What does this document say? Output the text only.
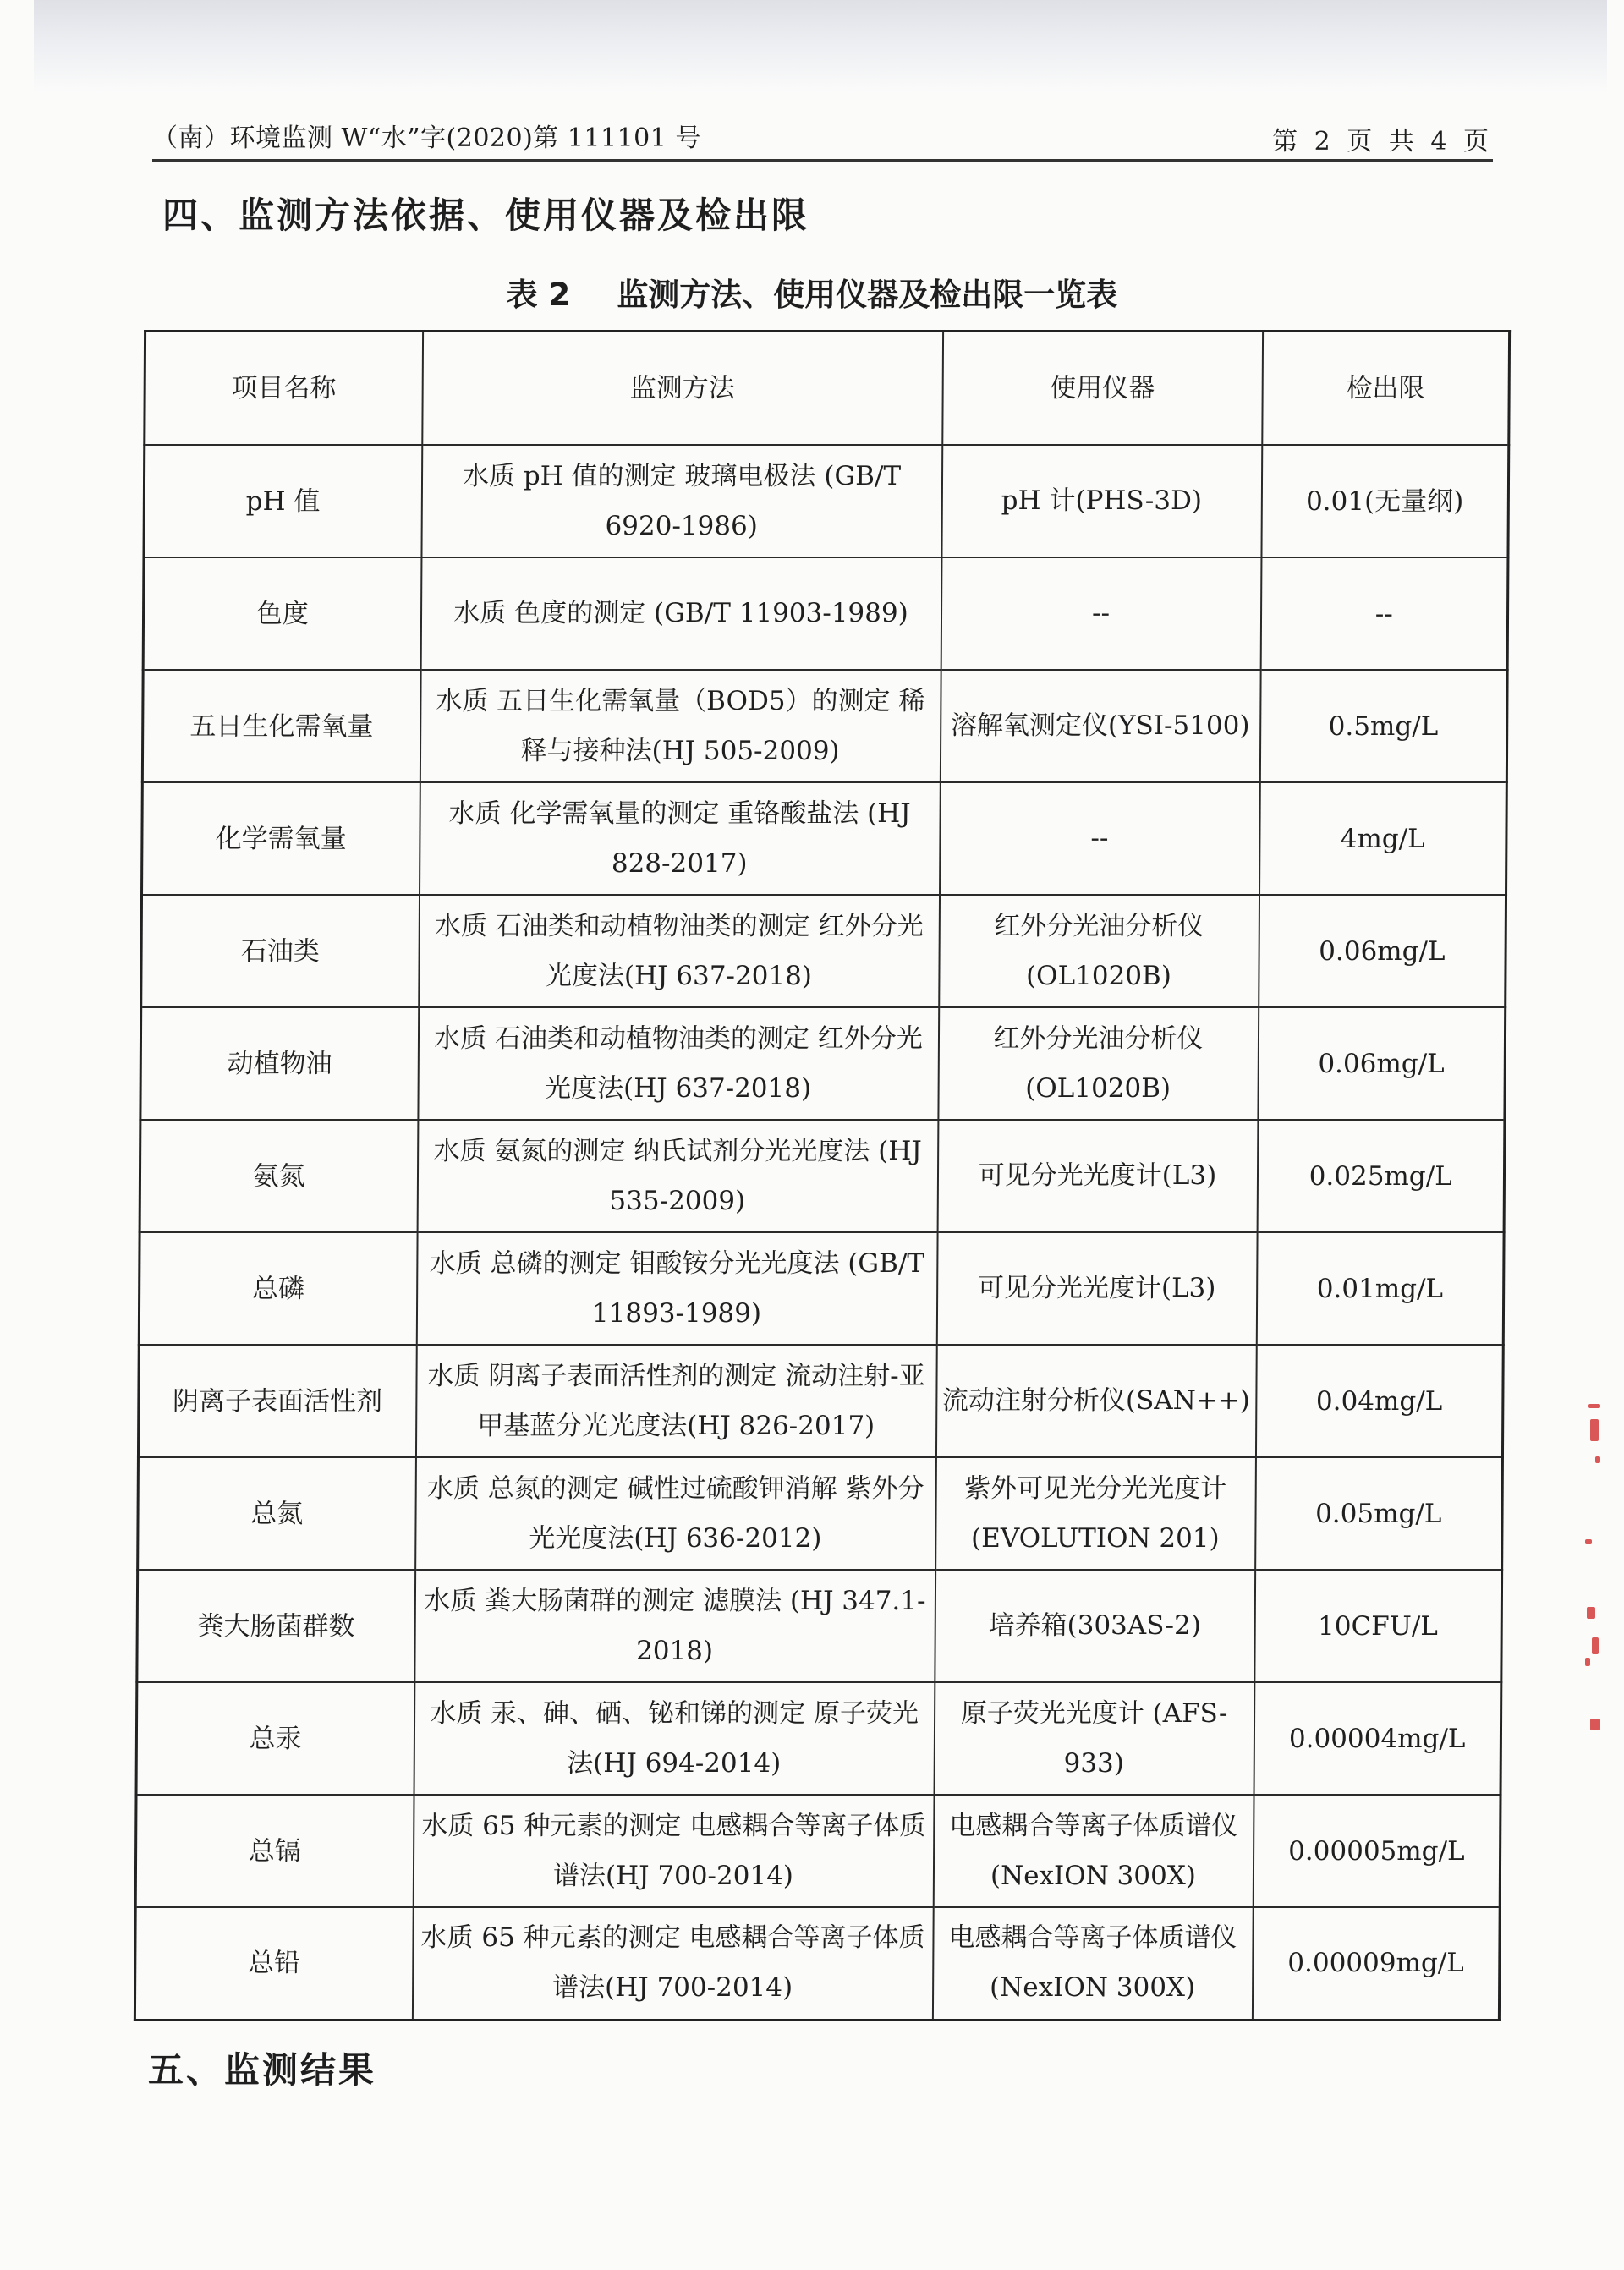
（南）环境监测 W“水”字(2020)第 111101 号	第 2 页 共 4 页
四、监测方法依据、使用仪器及检出限
表 2 监测方法、使用仪器及检出限一览表
项目名称	监测方法	使用仪器	检出限
pH 值	水质 pH 值的测定 玻璃电极法 (GB/T 6920-1986)	pH 计(PHS-3D)	0.01(无量纲)
色度	水质 色度的测定 (GB/T 11903-1989)	--	--
五日生化需氧量	水质 五日生化需氧量（BOD5）的测定 稀释与接种法(HJ 505-2009)	溶解氧测定仪(YSI-5100)	0.5mg/L
化学需氧量	水质 化学需氧量的测定 重铬酸盐法 (HJ 828-2017)	--	4mg/L
石油类	水质 石油类和动植物油类的测定 红外分光光度法(HJ 637-2018)	红外分光油分析仪 (OL1020B)	0.06mg/L
动植物油	水质 石油类和动植物油类的测定 红外分光光度法(HJ 637-2018)	红外分光油分析仪 (OL1020B)	0.06mg/L
氨氮	水质 氨氮的测定 纳氏试剂分光光度法 (HJ 535-2009)	可见分光光度计(L3)	0.025mg/L
总磷	水质 总磷的测定 钼酸铵分光光度法 (GB/T 11893-1989)	可见分光光度计(L3)	0.01mg/L
阴离子表面活性剂	水质 阴离子表面活性剂的测定 流动注射-亚甲基蓝分光光度法(HJ 826-2017)	流动注射分析仪(SAN++)	0.04mg/L
总氮	水质 总氮的测定 碱性过硫酸钾消解 紫外分光光度法(HJ 636-2012)	紫外可见光分光光度计 (EVOLUTION 201)	0.05mg/L
粪大肠菌群数	水质 粪大肠菌群的测定 滤膜法 (HJ 347.1-2018)	培养箱(303AS-2)	10CFU/L
总汞	水质 汞、砷、硒、铋和锑的测定 原子荧光法(HJ 694-2014)	原子荧光光度计 (AFS-933)	0.00004mg/L
总镉	水质 65 种元素的测定 电感耦合等离子体质谱法(HJ 700-2014)	电感耦合等离子体质谱仪(NexION 300X)	0.00005mg/L
总铅	水质 65 种元素的测定 电感耦合等离子体质谱法(HJ 700-2014)	电感耦合等离子体质谱仪(NexION 300X)	0.00009mg/L
五、监测结果
